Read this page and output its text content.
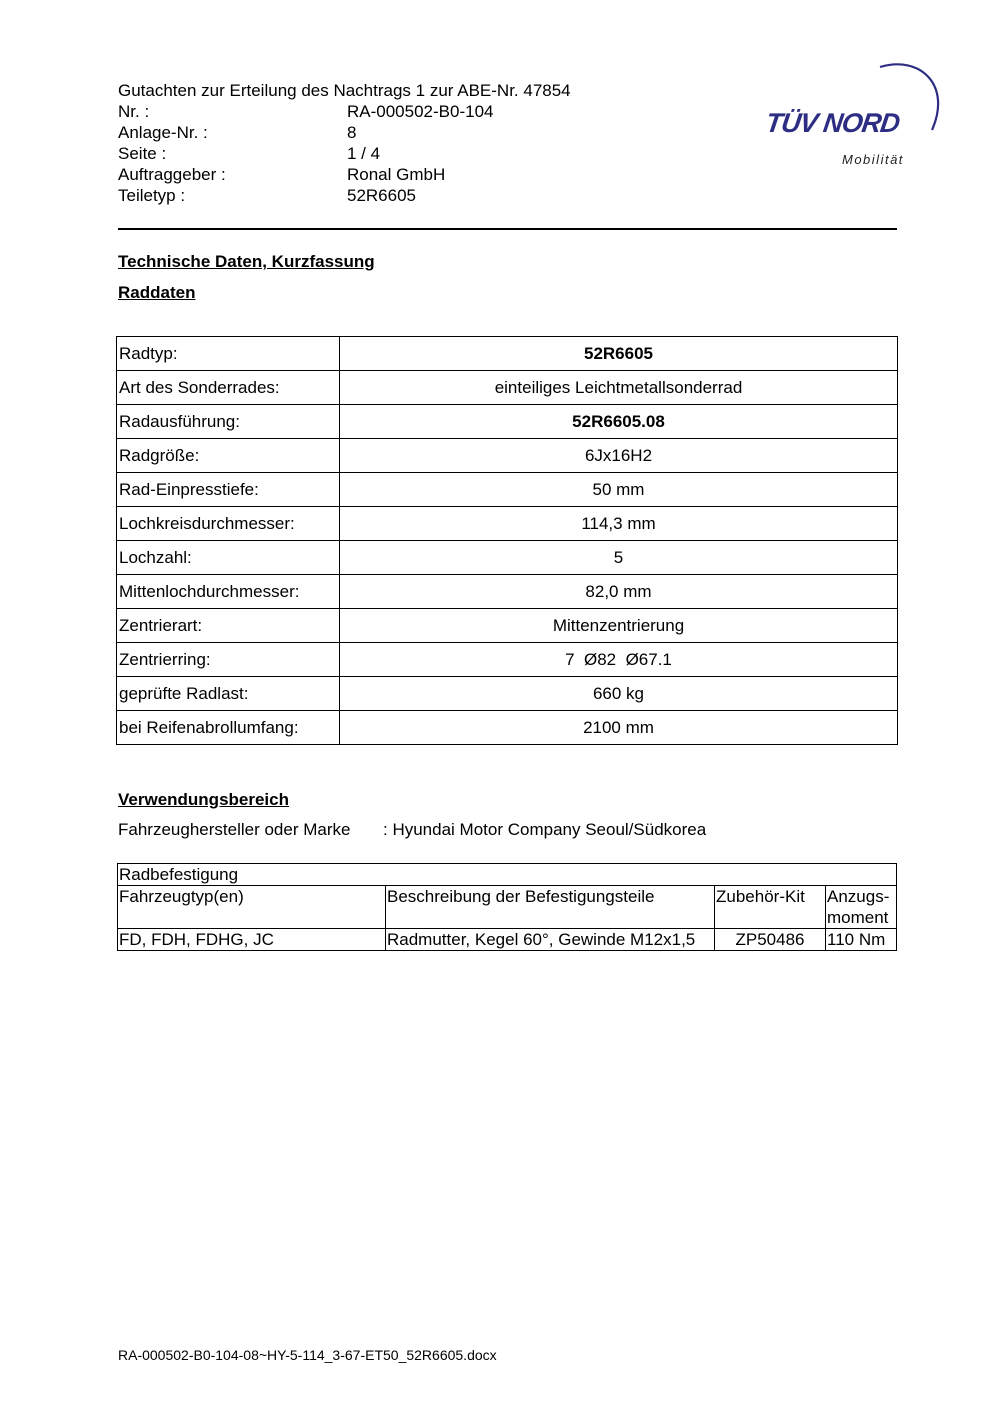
Gutachten zur Erteilung des Nachtrags 1 zur ABE-Nr. 47854
Nr. :	RA-000502-B0-104
Anlage-Nr. :	8
Seite :	1 / 4
Auftraggeber :	Ronal GmbH
Teiletyp :	52R6605
TÜV NORD
Mobilität
Technische Daten, Kurzfassung
Raddaten
Radtyp:	52R6605
Art des Sonderrades:	einteiliges Leichtmetallsonderrad
Radausführung:	52R6605.08
Radgröße:	6Jx16H2
Rad-Einpresstiefe:	50 mm
Lochkreisdurchmesser:	114,3 mm
Lochzahl:	5
Mittenlochdurchmesser:	82,0 mm
Zentrierart:	Mittenzentrierung
Zentrierring:	7  Ø82  Ø67.1
geprüfte Radlast:	660 kg
bei Reifenabrollumfang:	2100 mm
Verwendungsbereich
Fahrzeughersteller oder Marke : Hyundai Motor Company Seoul/Südkorea
Radbefestigung			
Fahrzeugtyp(en)	Beschreibung der Befestigungsteile	Zubehör-Kit	Anzugs-
moment
FD, FDH, FDHG, JC	Radmutter, Kegel 60°, Gewinde M12x1,5	ZP50486	110 Nm
RA-000502-B0-104-08~HY-5-114_3-67-ET50_52R6605.docx
